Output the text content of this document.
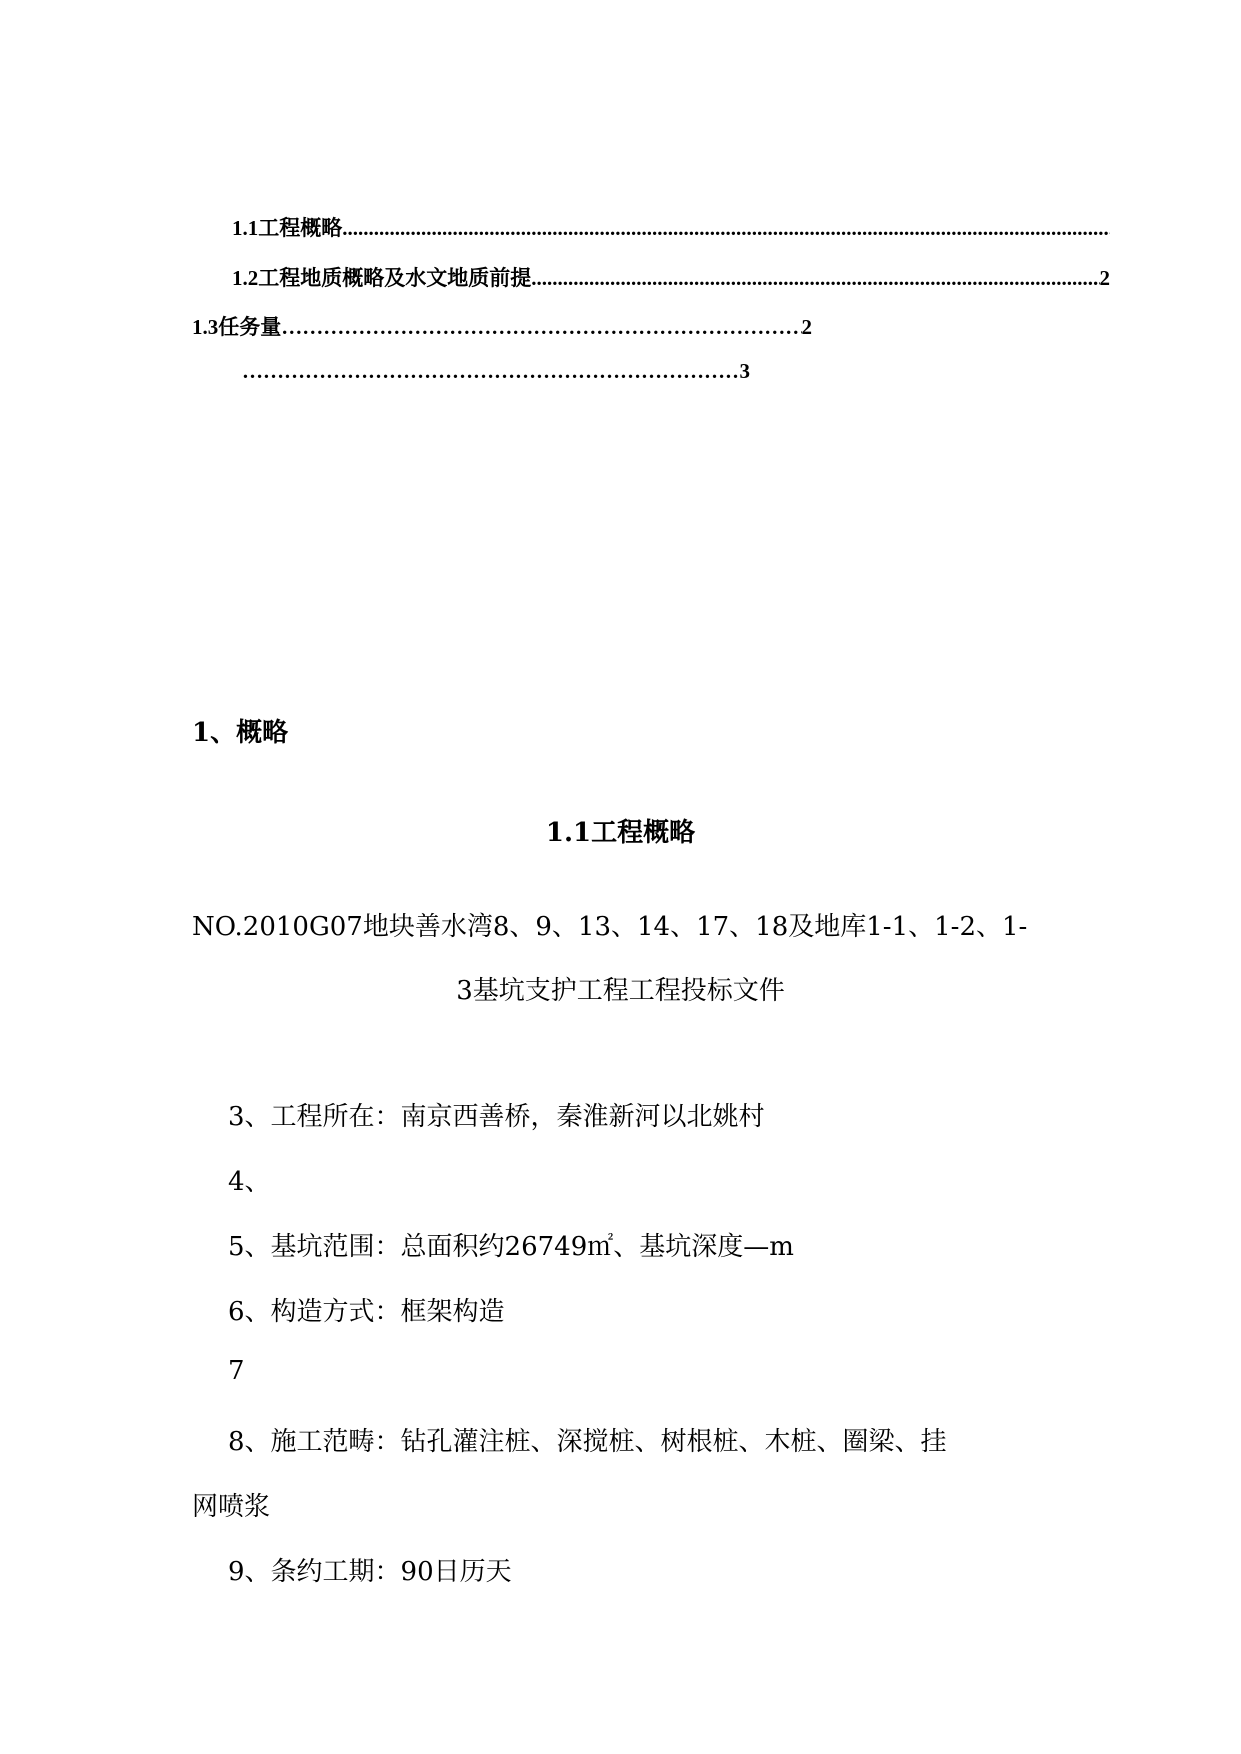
1.1工程概略
.....
1.2工程地质概略及水文地质前提 .....	2
1.3任务量 ……………………………………………………………………………………………………………………………………	2
……………………………………………………………………………………………………………………………………
3
1、概略
1.1工程概略
NO.2010G07地块善水湾8、9、13、14、17、18及地库1-1、1-2、1-
3基坑支护工程工程投标文件
3、工程所在：南京西善桥，秦淮新河以北姚村
4、
5、基坑范围：总面积约26749㎡、基坑深度—m
6、构造方式：框架构造
7
8、施工范畴：钻孔灌注桩、深搅桩、树根桩、木桩、圈梁、挂
网喷浆
9、条约工期：90日历天
